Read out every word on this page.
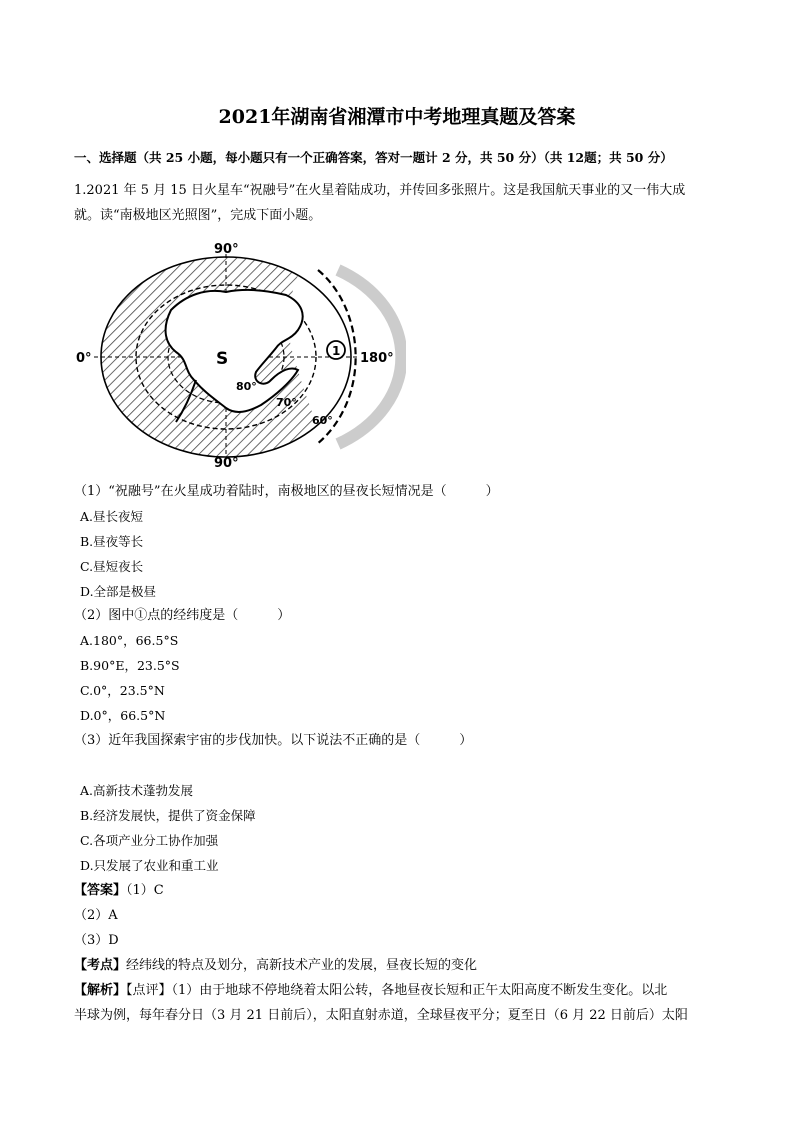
2021年湖南省湘潭市中考地理真题及答案
一、选择题（共 25 小题，每小题只有一个正确答案，答对一题计 2 分，共 50 分）（共 12题；共 50 分）
1.2021 年 5 月 15 日火星车“祝融号”在火星着陆成功，并传回多张照片。这是我国航天事业的又一伟大成
就。读“南极地区光照图”，完成下面小题。
90°
90°
0°	180°
S
80°
70°
60°
1
（1）“祝融号”在火星成功着陆时，南极地区的昼夜长短情况是（　　　）
A.昼长夜短
B.昼夜等长
C.昼短夜长
D.全部是极昼
（2）图中①点的经纬度是（　　　）
A.180°，66.5°S
B.90°E，23.5°S
C.0°，23.5°N
D.0°，66.5°N
（3）近年我国探索宇宙的步伐加快。以下说法不正确的是（　　　）
A.高新技术蓬勃发展
B.经济发展快，提供了资金保障
C.各项产业分工协作加强
D.只发展了农业和重工业
【答案】（1）C
（2）A
（3）D
【考点】经纬线的特点及划分，高新技术产业的发展，昼夜长短的变化
【解析】【点评】（1）由于地球不停地绕着太阳公转，各地昼夜长短和正午太阳高度不断发生变化。以北
半球为例，每年春分日（3 月 21 日前后），太阳直射赤道，全球昼夜平分；夏至日（6 月 22 日前后）太阳
